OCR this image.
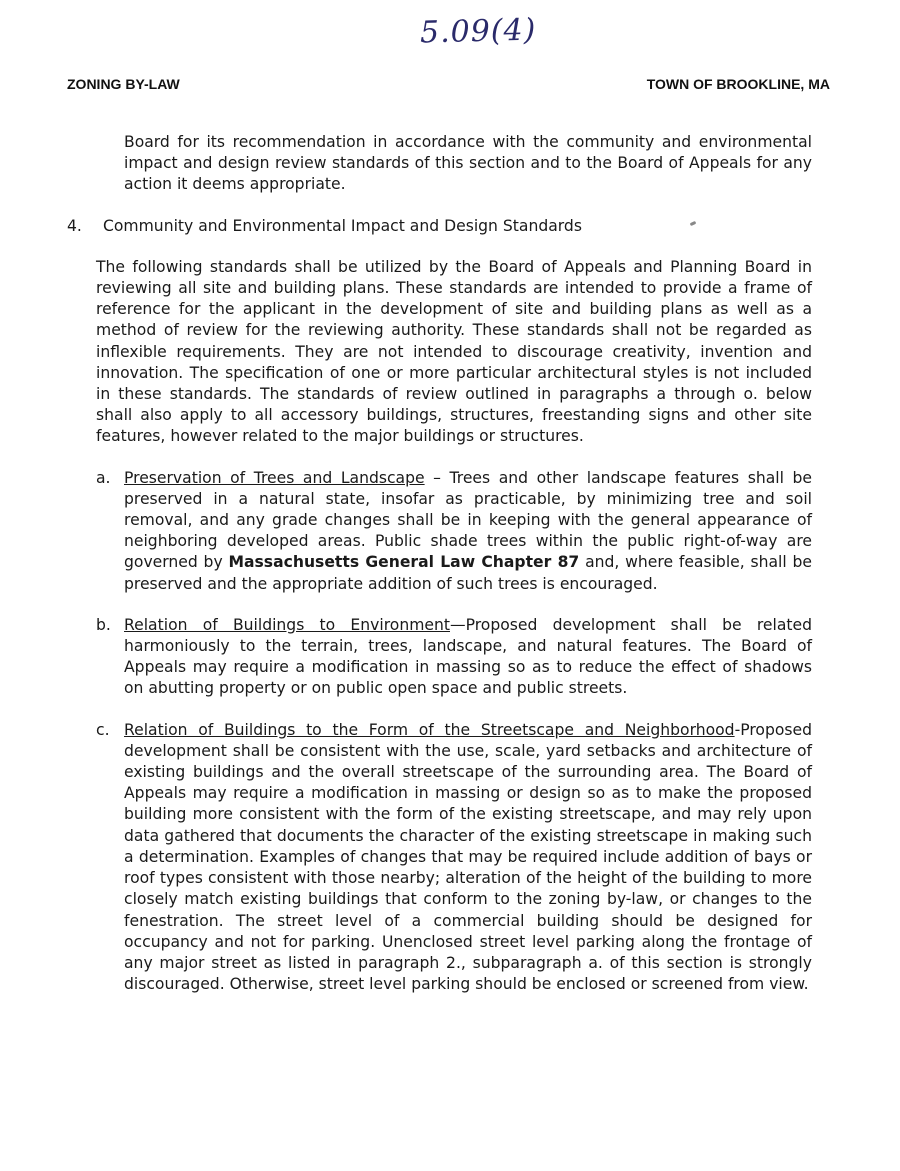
5.09(4)
ZONING BY-LAW	TOWN OF BROOKLINE, MA

Board for its recommendation in accordance with the community and environmental impact and design review standards of this section and to the Board of Appeals for any action it deems appropriate.

4.	Community and Environmental Impact and Design Standards

The following standards shall be utilized by the Board of Appeals and Planning Board in reviewing all site and building plans. These standards are intended to provide a frame of reference for the applicant in the development of site and building plans as well as a method of review for the reviewing authority. These standards shall not be regarded as inflexible requirements. They are not intended to discourage creativity, invention and innovation. The specification of one or more particular architectural styles is not included in these standards. The standards of review outlined in paragraphs a through o. below shall also apply to all accessory buildings, structures, freestanding signs and other site features, however related to the major buildings or structures.

a. Preservation of Trees and Landscape – Trees and other landscape features shall be preserved in a natural state, insofar as practicable, by minimizing tree and soil removal, and any grade changes shall be in keeping with the general appearance of neighboring developed areas. Public shade trees within the public right-of-way are governed by Massachusetts General Law Chapter 87 and, where feasible, shall be preserved and the appropriate addition of such trees is encouraged.
b. Relation of Buildings to Environment—Proposed development shall be related harmoniously to the terrain, trees, landscape, and natural features. The Board of Appeals may require a modification in massing so as to reduce the effect of shadows on abutting property or on public open space and public streets.
c. Relation of Buildings to the Form of the Streetscape and Neighborhood-Proposed development shall be consistent with the use, scale, yard setbacks and architecture of existing buildings and the overall streetscape of the surrounding area. The Board of Appeals may require a modification in massing or design so as to make the proposed building more consistent with the form of the existing streetscape, and may rely upon data gathered that documents the character of the existing streetscape in making such a determination. Examples of changes that may be required include addition of bays or roof types consistent with those nearby; alteration of the height of the building to more closely match existing buildings that conform to the zoning by-law, or changes to the fenestration. The street level of a commercial building should be designed for occupancy and not for parking. Unenclosed street level parking along the frontage of any major street as listed in paragraph 2., subparagraph a. of this section is strongly discouraged. Otherwise, street level parking should be enclosed or screened from view.
